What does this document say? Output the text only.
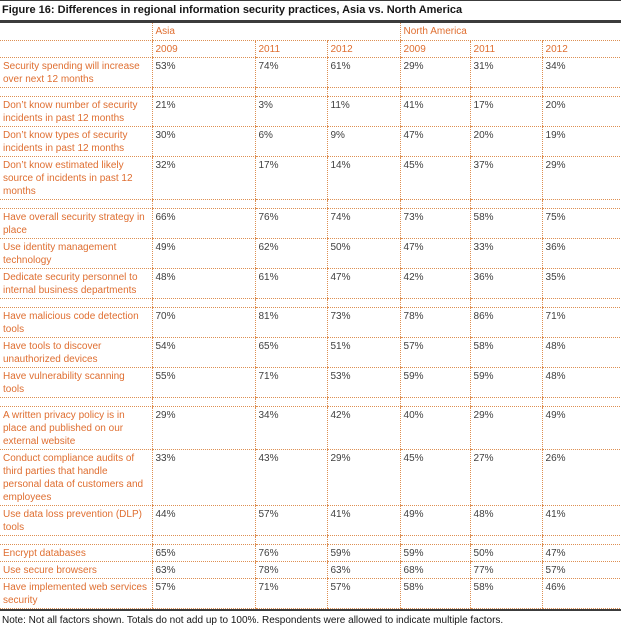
Figure 16: Differences in regional information security practices, Asia vs. North America
	Asia			North America		
	2009	2011	2012	2009	2011	2012
Security spending will increase over next 12 months	53%	74%	61%	29%	31%	34%

Don’t know number of security incidents in past 12 months	21%	3%	11%	41%	17%	20%
Don’t know types of security incidents in past 12 months	30%	6%	9%	47%	20%	19%
Don’t know estimated likely source of incidents in past 12 months	32%	17%	14%	45%	37%	29%

Have overall security strategy in place	66%	76%	74%	73%	58%	75%
Use identity management technology	49%	62%	50%	47%	33%	36%
Dedicate security personnel to internal business departments	48%	61%	47%	42%	36%	35%

Have malicious code detection tools	70%	81%	73%	78%	86%	71%
Have tools to discover unauthorized devices	54%	65%	51%	57%	58%	48%
Have vulnerability scanning tools	55%	71%	53%	59%	59%	48%

A written privacy policy is in place and published on our external website	29%	34%	42%	40%	29%	49%
Conduct compliance audits of third parties that handle personal data of customers and employees	33%	43%	29%	45%	27%	26%
Use data loss prevention (DLP) tools	44%	57%	41%	49%	48%	41%

Encrypt databases	65%	76%	59%	59%	50%	47%
Use secure browsers	63%	78%	63%	68%	77%	57%
Have implemented web services security	57%	71%	57%	58%	58%	46%
Note: Not all factors shown. Totals do not add up to 100%. Respondents were allowed to indicate multiple factors.
